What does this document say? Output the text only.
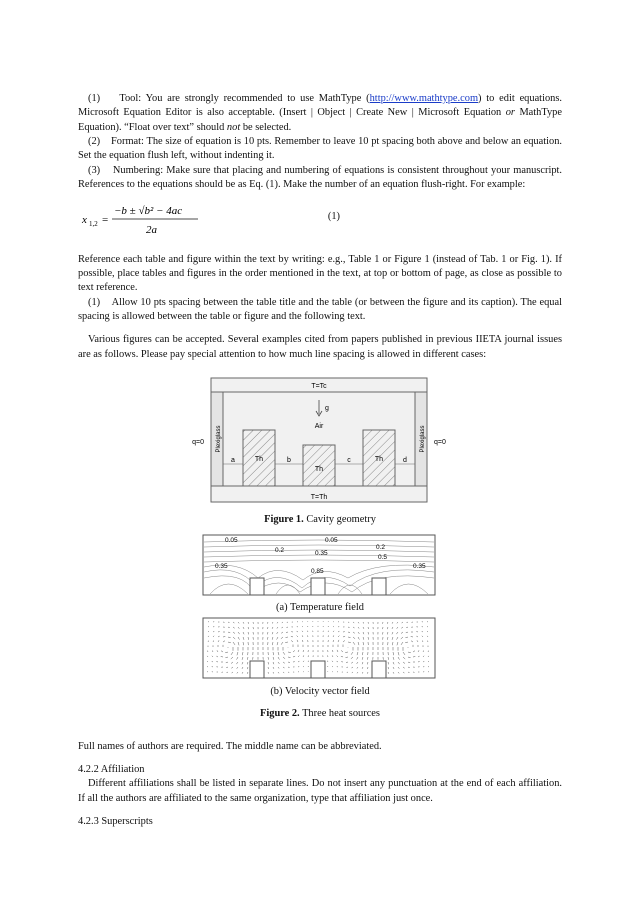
(1) Tool: You are strongly recommended to use MathType (http://www.mathtype.com) to edit equations. Microsoft Equation Editor is also acceptable. (Insert | Object | Create New | Microsoft Equation or MathType Equation). “Float over text” should not be selected.

(2) Format: The size of equation is 10 pts. Remember to leave 10 pt spacing both above and below an equation. Set the equation flush left, without indenting it.

(3) Numbering: Make sure that placing and numbering of equations is consistent throughout your manuscript. References to the equations should be as Eq. (1). Make the number of an equation flush-right. For example:

x 1,2 =
−b ± √b² − 4ac
2a
(1)

Reference each table and figure within the text by writing: e.g., Table 1 or Figure 1 (instead of Tab. 1 or Fig. 1). If possible, place tables and figures in the order mentioned in the text, at top or bottom of page, as close as possible to text reference.

(1) Allow 10 pts spacing between the table title and the table (or between the figure and its caption). The equal spacing is allowed between the table or figure and the following text.

Various figures can be accepted. Several examples cited from papers published in previous IIETA journal issues are as follows. Please pay special attention to how much line spacing is allowed in different cases:

T=Tc
T=Th
g
Air
q=0	q=0
Plexiglass	Plexiglass
a	b	c	d
Th
Th
Th
Figure 1. Cavity geometry
0.05	0.05
0.2	0.35
0.2
0.35
0.5
0.85
0.35
(a) Temperature field
(b) Velocity vector field
Figure 2. Three heat sources

Full names of authors are required. The middle name can be abbreviated.

4.2.2 Affiliation

Different affiliations shall be listed in separate lines. Do not insert any punctuation at the end of each affiliation. If all the authors are affiliated to the same organization, type that affiliation just once.

4.2.3 Superscripts
